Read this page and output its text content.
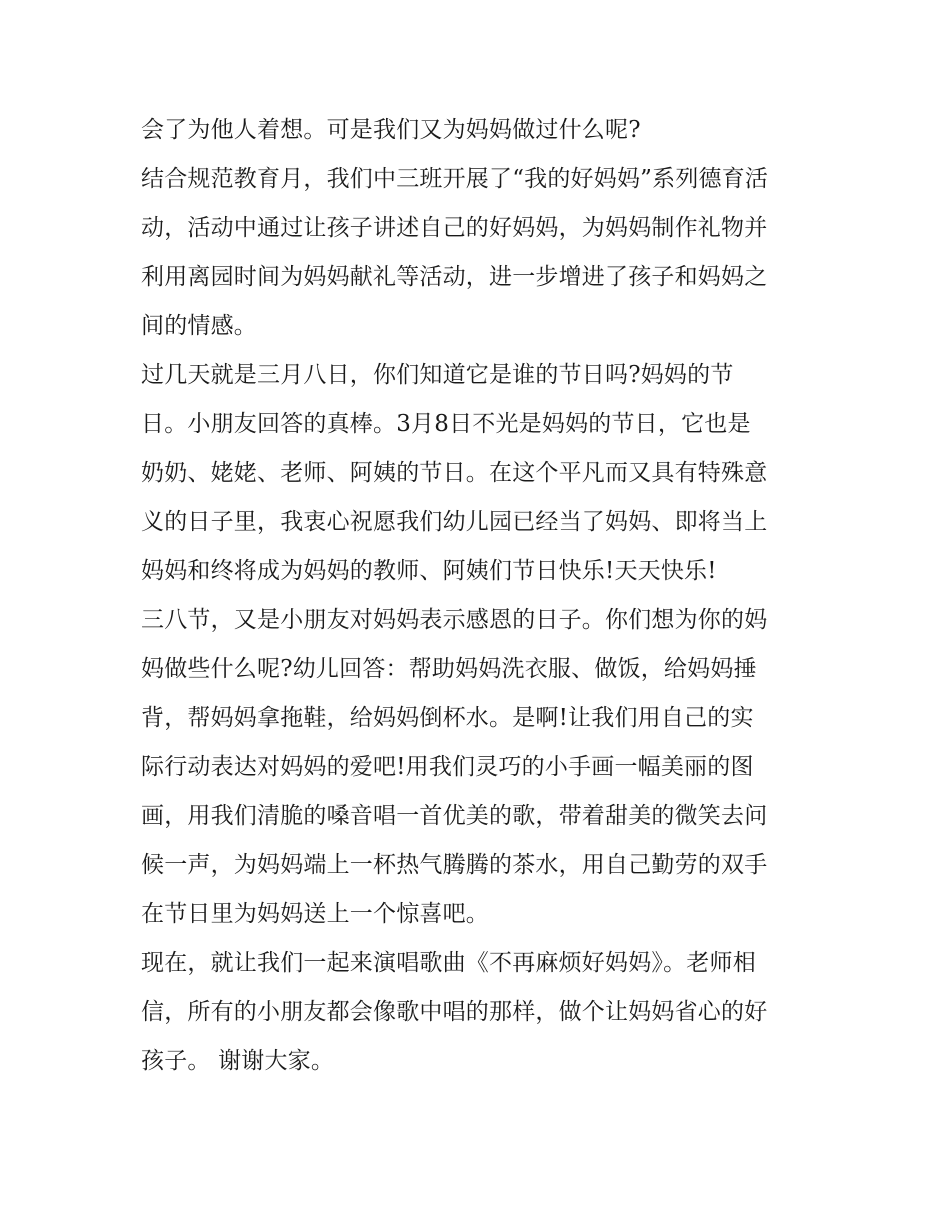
会了为他人着想。可是我们又为妈妈做过什么呢?
结合规范教育月，我们中三班开展了“我的好妈妈”系列德育活
动，活动中通过让孩子讲述自己的好妈妈，为妈妈制作礼物并
利用离园时间为妈妈献礼等活动，进一步增进了孩子和妈妈之
间的情感。
过几天就是三月八日，你们知道它是谁的节日吗?妈妈的节
日。小朋友回答的真棒。3月8日不光是妈妈的节日，它也是
奶奶、姥姥、老师、阿姨的节日。在这个平凡而又具有特殊意
义的日子里，我衷心祝愿我们幼儿园已经当了妈妈、即将当上
妈妈和终将成为妈妈的教师、阿姨们节日快乐!天天快乐!
三八节，又是小朋友对妈妈表示感恩的日子。你们想为你的妈
妈做些什么呢?幼儿回答：帮助妈妈洗衣服、做饭，给妈妈捶
背，帮妈妈拿拖鞋，给妈妈倒杯水。是啊!让我们用自己的实
际行动表达对妈妈的爱吧!用我们灵巧的小手画一幅美丽的图
画，用我们清脆的嗓音唱一首优美的歌，带着甜美的微笑去问
候一声，为妈妈端上一杯热气腾腾的茶水，用自己勤劳的双手
在节日里为妈妈送上一个惊喜吧。
现在，就让我们一起来演唱歌曲《不再麻烦好妈妈》。老师相
信，所有的小朋友都会像歌中唱的那样，做个让妈妈省心的好
孩子。 谢谢大家。
